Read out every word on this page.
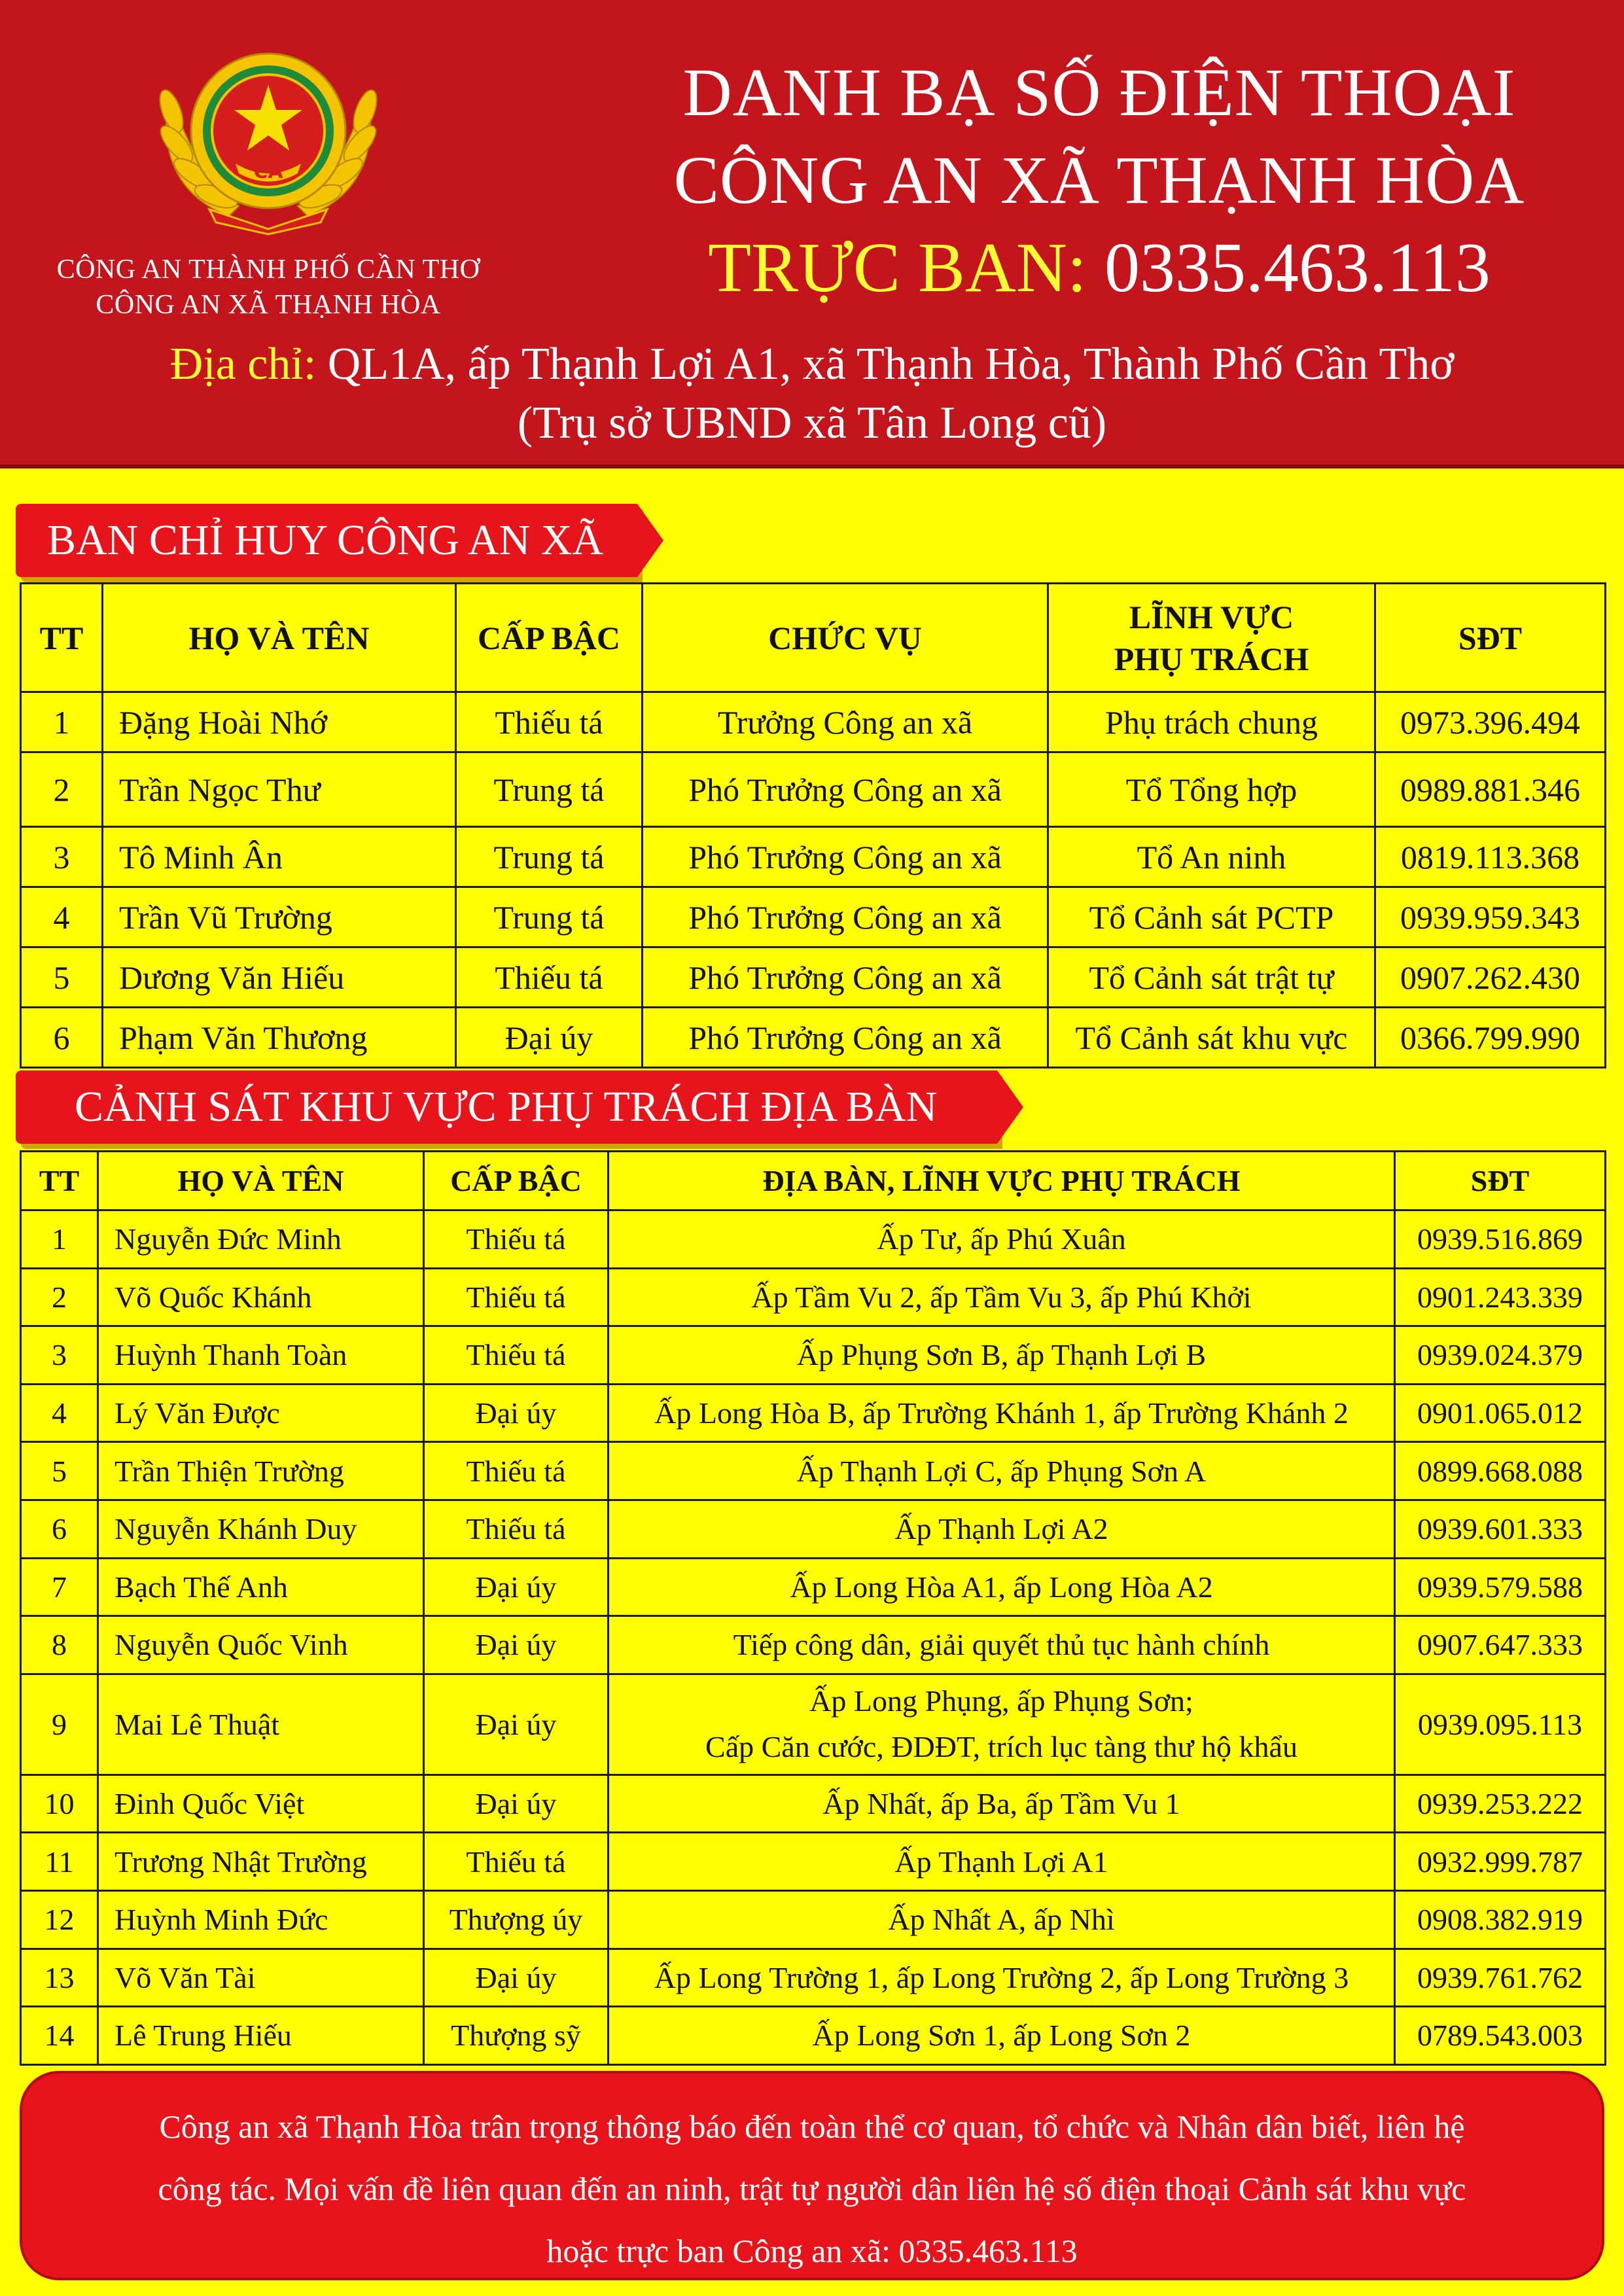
CA
CÔNG AN THÀNH PHỐ CẦN THƠ
CÔNG AN XÃ THẠNH HÒA
DANH BẠ SỐ ĐIỆN THOẠI
CÔNG AN XÃ THẠNH HÒA
TRỰC BAN: 0335.463.113
Địa chỉ: QL1A, ấp Thạnh Lợi A1, xã Thạnh Hòa, Thành Phố Cần Thơ
(Trụ sở UBND xã Tân Long cũ)
BAN CHỈ HUY CÔNG AN XÃ
TT	HỌ VÀ TÊN	CẤP BẬC	CHỨC VỤ	LĨNH VỰC
PHỤ TRÁCH	SĐT
1	Đặng Hoài Nhớ	Thiếu tá	Trưởng Công an xã	Phụ trách chung	0973.396.494
2	Trần Ngọc Thư	Trung tá	Phó Trưởng Công an xã	Tổ Tổng hợp	0989.881.346
3	Tô Minh Ân	Trung tá	Phó Trưởng Công an xã	Tổ An ninh	0819.113.368
4	Trần Vũ Trường	Trung tá	Phó Trưởng Công an xã	Tổ Cảnh sát PCTP	0939.959.343
5	Dương Văn Hiếu	Thiếu tá	Phó Trưởng Công an xã	Tổ Cảnh sát trật tự	0907.262.430
6	Phạm Văn Thương	Đại úy	Phó Trưởng Công an xã	Tổ Cảnh sát khu vực	0366.799.990
CẢNH SÁT KHU VỰC PHỤ TRÁCH ĐỊA BÀN
TT	HỌ VÀ TÊN	CẤP BẬC	ĐỊA BÀN, LĨNH VỰC PHỤ TRÁCH	SĐT
1	Nguyễn Đức Minh	Thiếu tá	Ấp Tư, ấp Phú Xuân	0939.516.869
2	Võ Quốc Khánh	Thiếu tá	Ấp Tầm Vu 2, ấp Tầm Vu 3, ấp Phú Khởi	0901.243.339
3	Huỳnh Thanh Toàn	Thiếu tá	Ấp Phụng Sơn B, ấp Thạnh Lợi B	0939.024.379
4	Lý Văn Được	Đại úy	Ấp Long Hòa B, ấp Trường Khánh 1, ấp Trường Khánh 2	0901.065.012
5	Trần Thiện Trường	Thiếu tá	Ấp Thạnh Lợi C, ấp Phụng Sơn A	0899.668.088
6	Nguyễn Khánh Duy	Thiếu tá	Ấp Thạnh Lợi A2	0939.601.333
7	Bạch Thế Anh	Đại úy	Ấp Long Hòa A1, ấp Long Hòa A2	0939.579.588
8	Nguyễn Quốc Vinh	Đại úy	Tiếp công dân, giải quyết thủ tục hành chính	0907.647.333
9	Mai Lê Thuật	Đại úy	Ấp Long Phụng, ấp Phụng Sơn;
Cấp Căn cước, ĐDĐT, trích lục tàng thư hộ khẩu	0939.095.113
10	Đinh Quốc Việt	Đại úy	Ấp Nhất, ấp Ba, ấp Tầm Vu 1	0939.253.222
11	Trương Nhật Trường	Thiếu tá	Ấp Thạnh Lợi A1	0932.999.787
12	Huỳnh Minh Đức	Thượng úy	Ấp Nhất A, ấp Nhì	0908.382.919
13	Võ Văn Tài	Đại úy	Ấp Long Trường 1, ấp Long Trường 2, ấp Long Trường 3	0939.761.762
14	Lê Trung Hiếu	Thượng sỹ	Ấp Long Sơn 1, ấp Long Sơn 2	0789.543.003
Công an xã Thạnh Hòa trân trọng thông báo đến toàn thể cơ quan, tổ chức và Nhân dân biết, liên hệ
công tác. Mọi vấn đề liên quan đến an ninh, trật tự người dân liên hệ số điện thoại Cảnh sát khu vực
hoặc trực ban Công an xã: 0335.463.113
